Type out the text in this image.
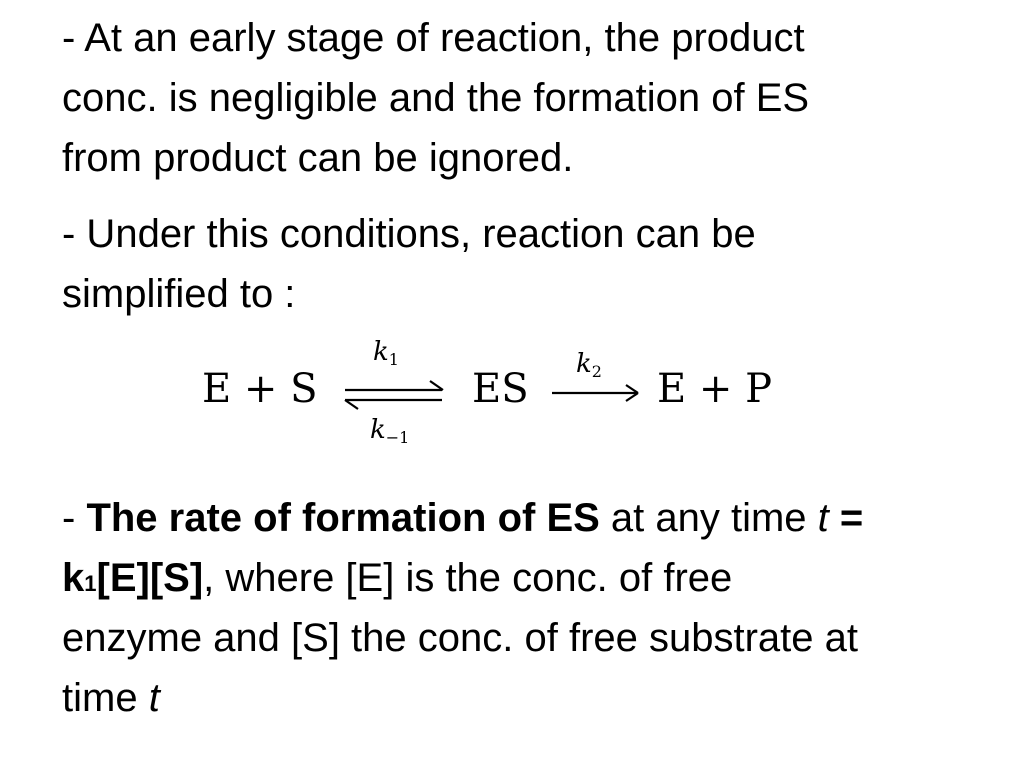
- At an early stage of reaction, the product
conc. is negligible and the formation of ES
from product can be ignored.
- Under this conditions, reaction can be
simplified to :
E + S
k1
k−1
ES
k2 E + P
- The rate of formation of ES at any time t =
k1[E][S], where [E] is the conc. of free
enzyme and [S] the conc. of free substrate at
time t
